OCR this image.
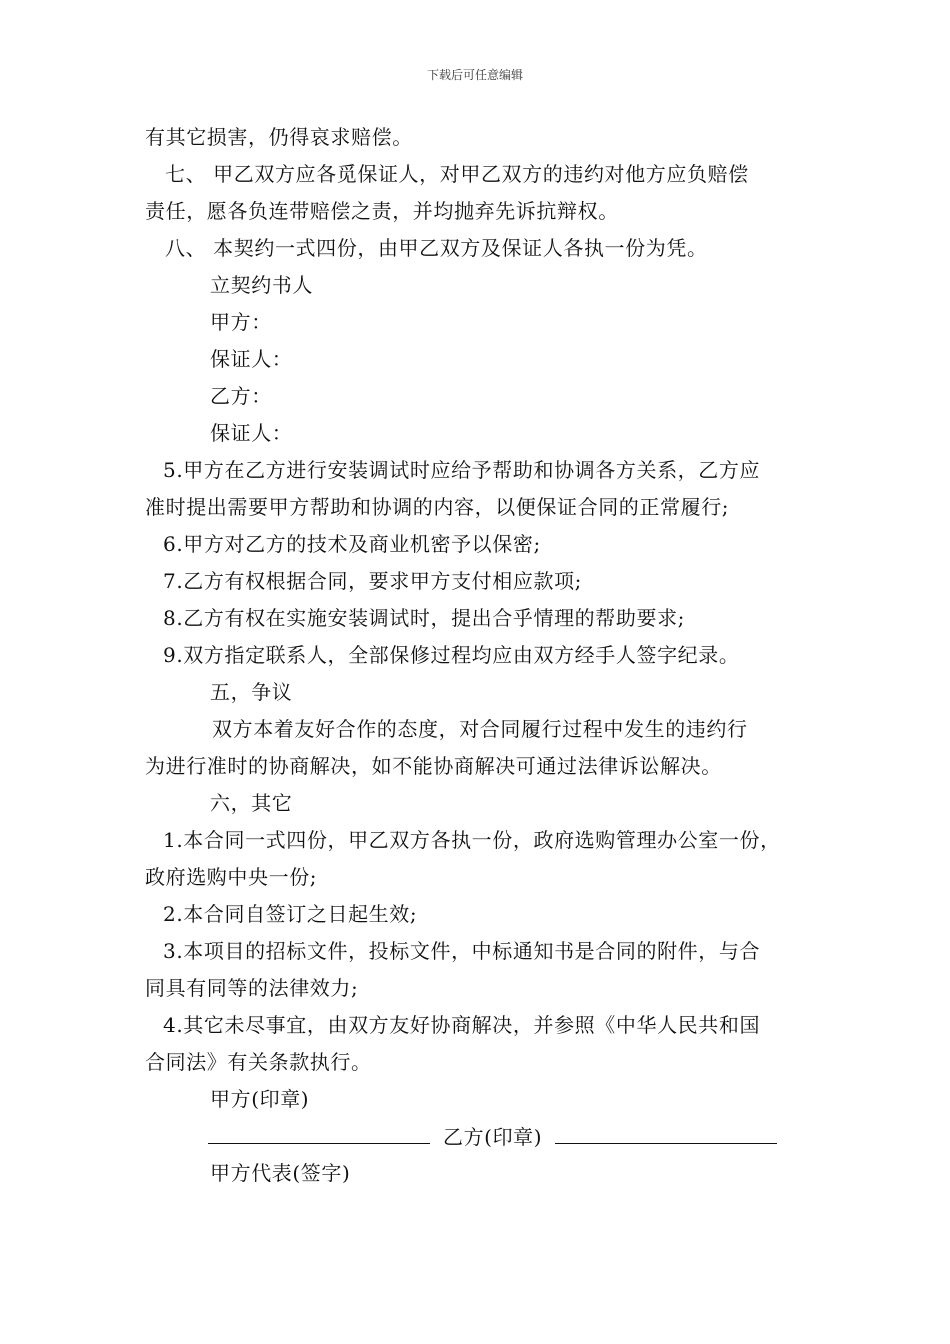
下载后可任意编辑
有其它损害，仍得哀求赔偿。
七、 甲乙双方应各觅保证人，对甲乙双方的违约对他方应负赔偿
责任，愿各负连带赔偿之责，并均抛弃先诉抗辩权。
八、 本契约一式四份，由甲乙双方及保证人各执一份为凭。
立契约书人
甲方：
保证人：
乙方：
保证人：
5.甲方在乙方进行安装调试时应给予帮助和协调各方关系，乙方应
准时提出需要甲方帮助和协调的内容，以便保证合同的正常履行;
6.甲方对乙方的技术及商业机密予以保密;
7.乙方有权根据合同，要求甲方支付相应款项;
8.乙方有权在实施安装调试时，提出合乎情理的帮助要求;
9.双方指定联系人，全部保修过程均应由双方经手人签字纪录。
五，争议
双方本着友好合作的态度，对合同履行过程中发生的违约行
为进行准时的协商解决，如不能协商解决可通过法律诉讼解决。
六，其它
1.本合同一式四份，甲乙双方各执一份，政府选购管理办公室一份，
政府选购中央一份;
2.本合同自签订之日起生效;
3.本项目的招标文件，投标文件，中标通知书是合同的附件，与合
同具有同等的法律效力;
4.其它未尽事宜，由双方友好协商解决，并参照《中华人民共和国
合同法》有关条款执行。
甲方(印章)
乙方(印章)
甲方代表(签字)
